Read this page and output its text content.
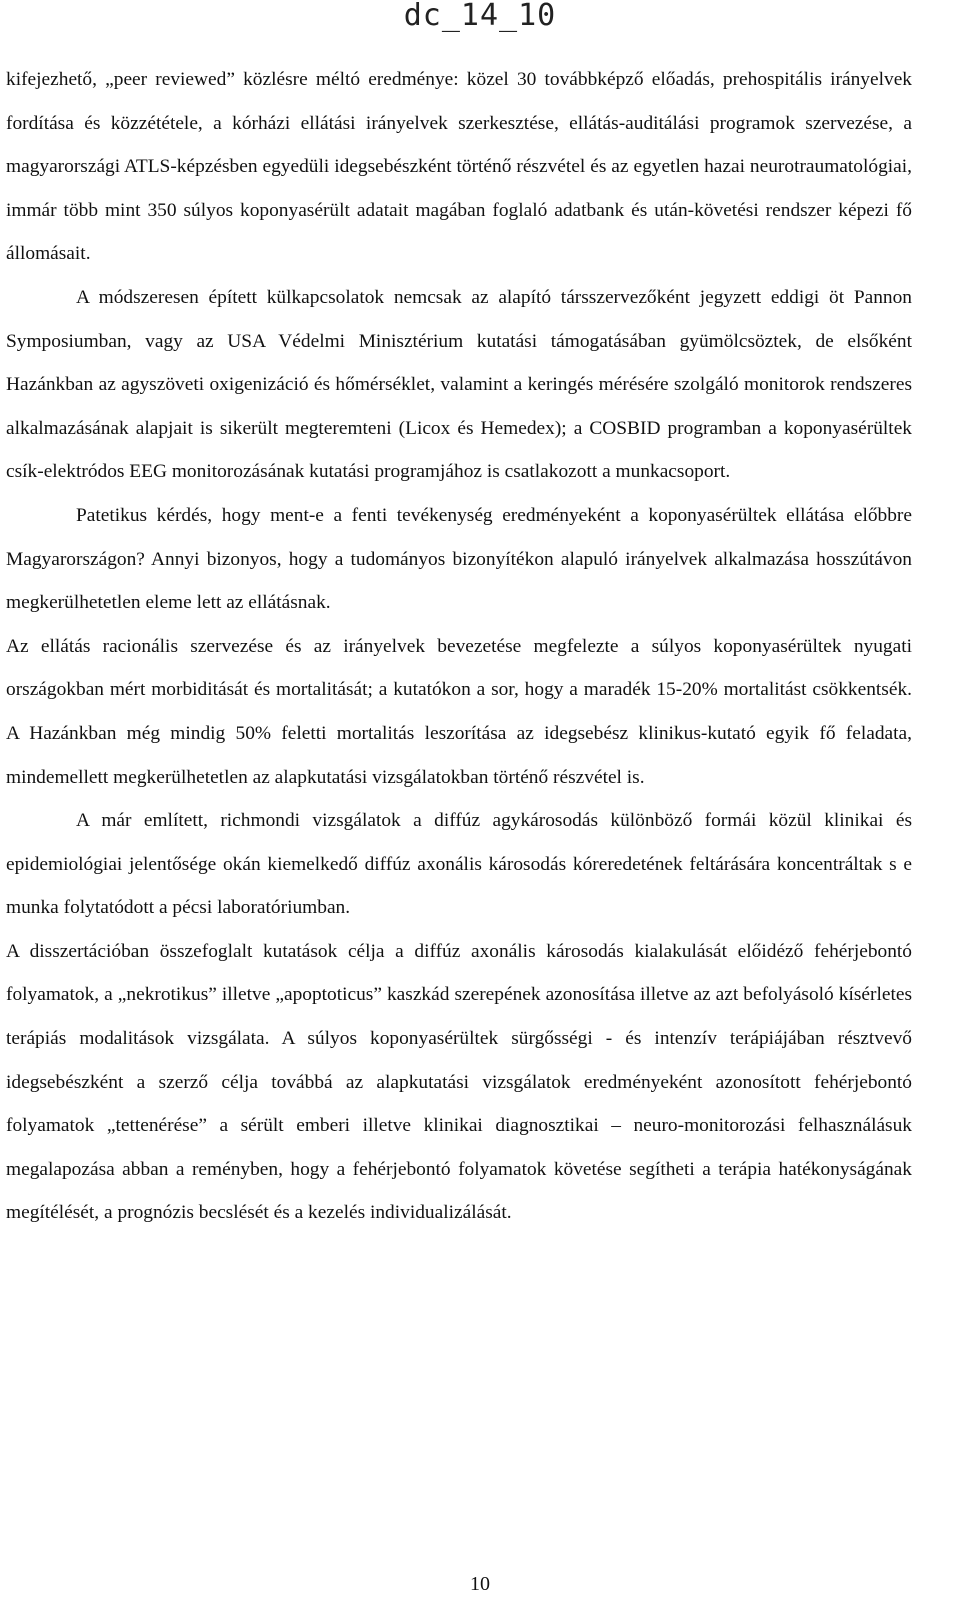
dc_14_10

kifejezhető, „peer reviewed” közlésre méltó eredménye: közel 30 továbbképző előadás, prehospitális irányelvek fordítása és közzététele, a kórházi ellátási irányelvek szerkesztése, ellátás-auditálási programok szervezése, a magyarországi ATLS-képzésben egyedüli idegsebészként történő részvétel és az egyetlen hazai neurotraumatológiai, immár több mint 350 súlyos koponyasérült adatait magában foglaló adatbank és után-követési rendszer képezi fő állomásait.

A módszeresen épített külkapcsolatok nemcsak az alapító társszervezőként jegyzett eddigi öt Pannon Symposiumban, vagy az USA Védelmi Minisztérium kutatási támogatásában gyümölcsöztek, de elsőként Hazánkban az agyszöveti oxigenizáció és hőmérséklet, valamint a keringés mérésére szolgáló monitorok rendszeres alkalmazásának alapjait is sikerült megteremteni (Licox és Hemedex); a COSBID programban a koponyasérültek csík-elektródos EEG monitorozásának kutatási programjához is csatlakozott a munkacsoport.

Patetikus kérdés, hogy ment-e a fenti tevékenység eredményeként a koponyasérültek ellátása előbbre Magyarországon? Annyi bizonyos, hogy a tudományos bizonyítékon alapuló irányelvek alkalmazása hosszútávon megkerülhetetlen eleme lett az ellátásnak.

Az ellátás racionális szervezése és az irányelvek bevezetése megfelezte a súlyos koponyasérültek nyugati országokban mért morbiditását és mortalitását; a kutatókon a sor, hogy a maradék 15-20% mortalitást csökkentsék. A Hazánkban még mindig 50% feletti mortalitás leszorítása az idegsebész klinikus-kutató egyik fő feladata, mindemellett megkerülhetetlen az alapkutatási vizsgálatokban történő részvétel is.

A már említett, richmondi vizsgálatok a diffúz agykárosodás különböző formái közül klinikai és epidemiológiai jelentősége okán kiemelkedő diffúz axonális károsodás kóreredetének feltárására koncentráltak s e munka folytatódott a pécsi laboratóriumban.

A disszertációban összefoglalt kutatások célja a diffúz axonális károsodás kialakulását előidéző fehérjebontó folyamatok, a „nekrotikus” illetve „apoptoticus” kaszkád szerepének azonosítása illetve az azt befolyásoló kísérletes terápiás modalitások vizsgálata. A súlyos koponyasérültek sürgősségi - és intenzív terápiájában résztvevő idegsebészként a szerző célja továbbá az alapkutatási vizsgálatok eredményeként azonosított fehérjebontó folyamatok „tettenérése” a sérült emberi illetve klinikai diagnosztikai – neuro-monitorozási felhasználásuk megalapozása abban a reményben, hogy a fehérjebontó folyamatok követése segítheti a terápia hatékonyságának megítélését, a prognózis becslését és a kezelés individualizálását.

10
